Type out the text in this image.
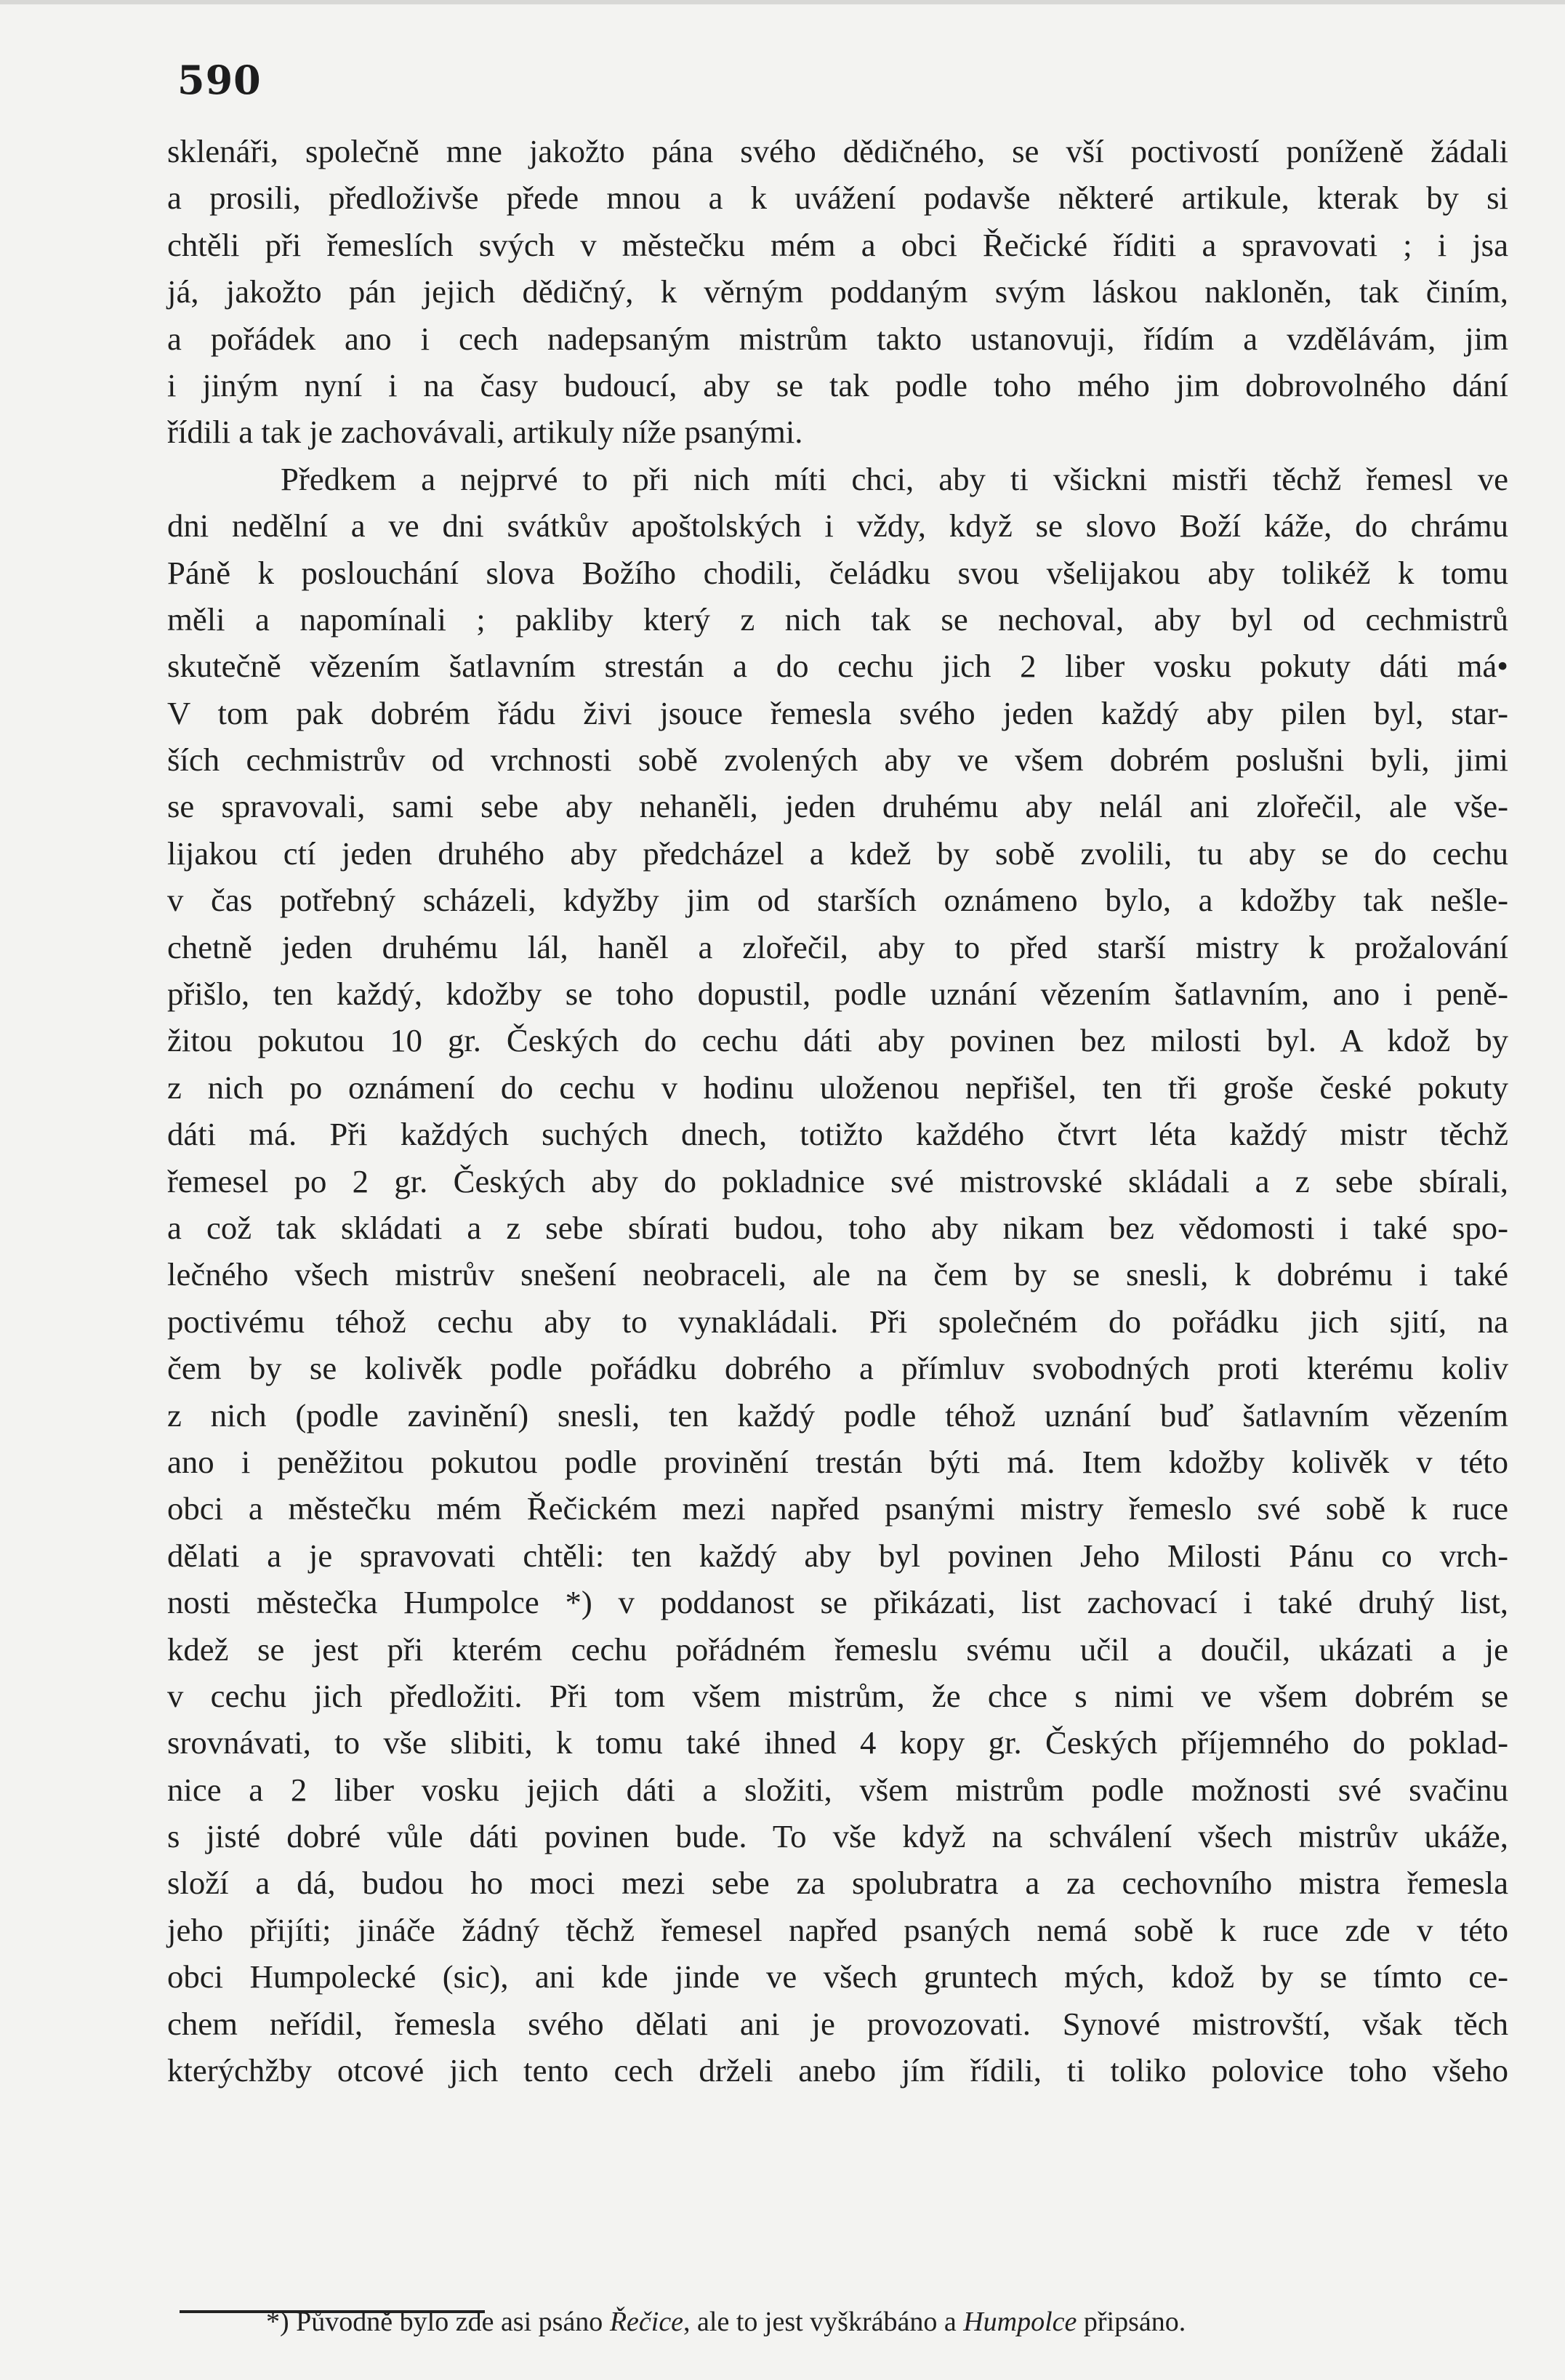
590
sklenáři, společně mne jakožto pána svého dědičného, se vší poctivostí poníženě žádali
a prosili, předloživše přede mnou a k uvážení podavše některé artikule, kterak by si
chtěli při řemeslích svých v městečku mém a obci Řečické říditi a spravovati ; i jsa
já, jakožto pán jejich dědičný, k věrným poddaným svým láskou nakloněn, tak činím,
a pořádek ano i cech nadepsaným mistrům takto ustanovuji, řídím a vzdělávám, jim
i jiným nyní i na časy budoucí, aby se tak podle toho mého jim dobrovolného dání
řídili a tak je zachovávali, artikuly níže psanými.
Předkem a nejprvé to při nich míti chci, aby ti všickni mistři těchž řemesl ve
dni nedělní a ve dni svátkův apoštolských i vždy, když se slovo Boží káže, do chrámu
Páně k poslouchání slova Božího chodili, čeládku svou všelijakou aby tolikéž k tomu
měli a napomínali ; pakliby který z nich tak se nechoval, aby byl od cechmistrů
skutečně vězením šatlavním strestán a do cechu jich 2 liber vosku pokuty dáti má•
V tom pak dobrém řádu živi jsouce řemesla svého jeden každý aby pilen byl, star-
ších cechmistrův od vrchnosti sobě zvolených aby ve všem dobrém poslušni byli, jimi
se spravovali, sami sebe aby nehaněli, jeden druhému aby nelál ani zlořečil, ale vše-
lijakou ctí jeden druhého aby předcházel a kdež by sobě zvolili, tu aby se do cechu
v čas potřebný scházeli, kdyžby jim od starších oznámeno bylo, a kdožby tak nešle-
chetně jeden druhému lál, haněl a zlořečil, aby to před starší mistry k prožalování
přišlo, ten každý, kdožby se toho dopustil, podle uznání vězením šatlavním, ano i peně-
žitou pokutou 10 gr. Českých do cechu dáti aby povinen bez milosti byl. A kdož by
z nich po oznámení do cechu v hodinu uloženou nepřišel, ten tři groše české pokuty
dáti má. Při každých suchých dnech, totižto každého čtvrt léta každý mistr těchž
řemesel po 2 gr. Českých aby do pokladnice své mistrovské skládali a z sebe sbírali,
a což tak skládati a z sebe sbírati budou, toho aby nikam bez vědomosti i také spo-
lečného všech mistrův snešení neobraceli, ale na čem by se snesli, k dobrému i také
poctivému téhož cechu aby to vynakládali. Při společném do pořádku jich sjití, na
čem by se kolivěk podle pořádku dobrého a přímluv svobodných proti kterému koliv
z nich (podle zavinění) snesli, ten každý podle téhož uznání buď šatlavním vězením
ano i peněžitou pokutou podle provinění trestán býti má. Item kdožby kolivěk v této
obci a městečku mém Řečickém mezi napřed psanými mistry řemeslo své sobě k ruce
dělati a je spravovati chtěli: ten každý aby byl povinen Jeho Milosti Pánu co vrch-
nosti městečka Humpolce *) v poddanost se přikázati, list zachovací i také druhý list,
kdež se jest při kterém cechu pořádném řemeslu svému učil a doučil, ukázati a je
v cechu jich předložiti. Při tom všem mistrům, že chce s nimi ve všem dobrém se
srovnávati, to vše slibiti, k tomu také ihned 4 kopy gr. Českých příjemného do poklad-
nice a 2 liber vosku jejich dáti a složiti, všem mistrům podle možnosti své svačinu
s jisté dobré vůle dáti povinen bude. To vše když na schválení všech mistrův ukáže,
složí a dá, budou ho moci mezi sebe za spolubratra a za cechovního mistra řemesla
jeho přijíti; jináče žádný těchž řemesel napřed psaných nemá sobě k ruce zde v této
obci Humpolecké (sic), ani kde jinde ve všech gruntech mých, kdož by se tímto ce-
chem neřídil, řemesla svého dělati ani je provozovati. Synové mistrovští, však těch
kterýchžby otcové jich tento cech drželi anebo jím řídili, ti toliko polovice toho všeho
*) Původně bylo zde asi psáno Řečice, ale to jest vyškrábáno a Humpolce připsáno.
